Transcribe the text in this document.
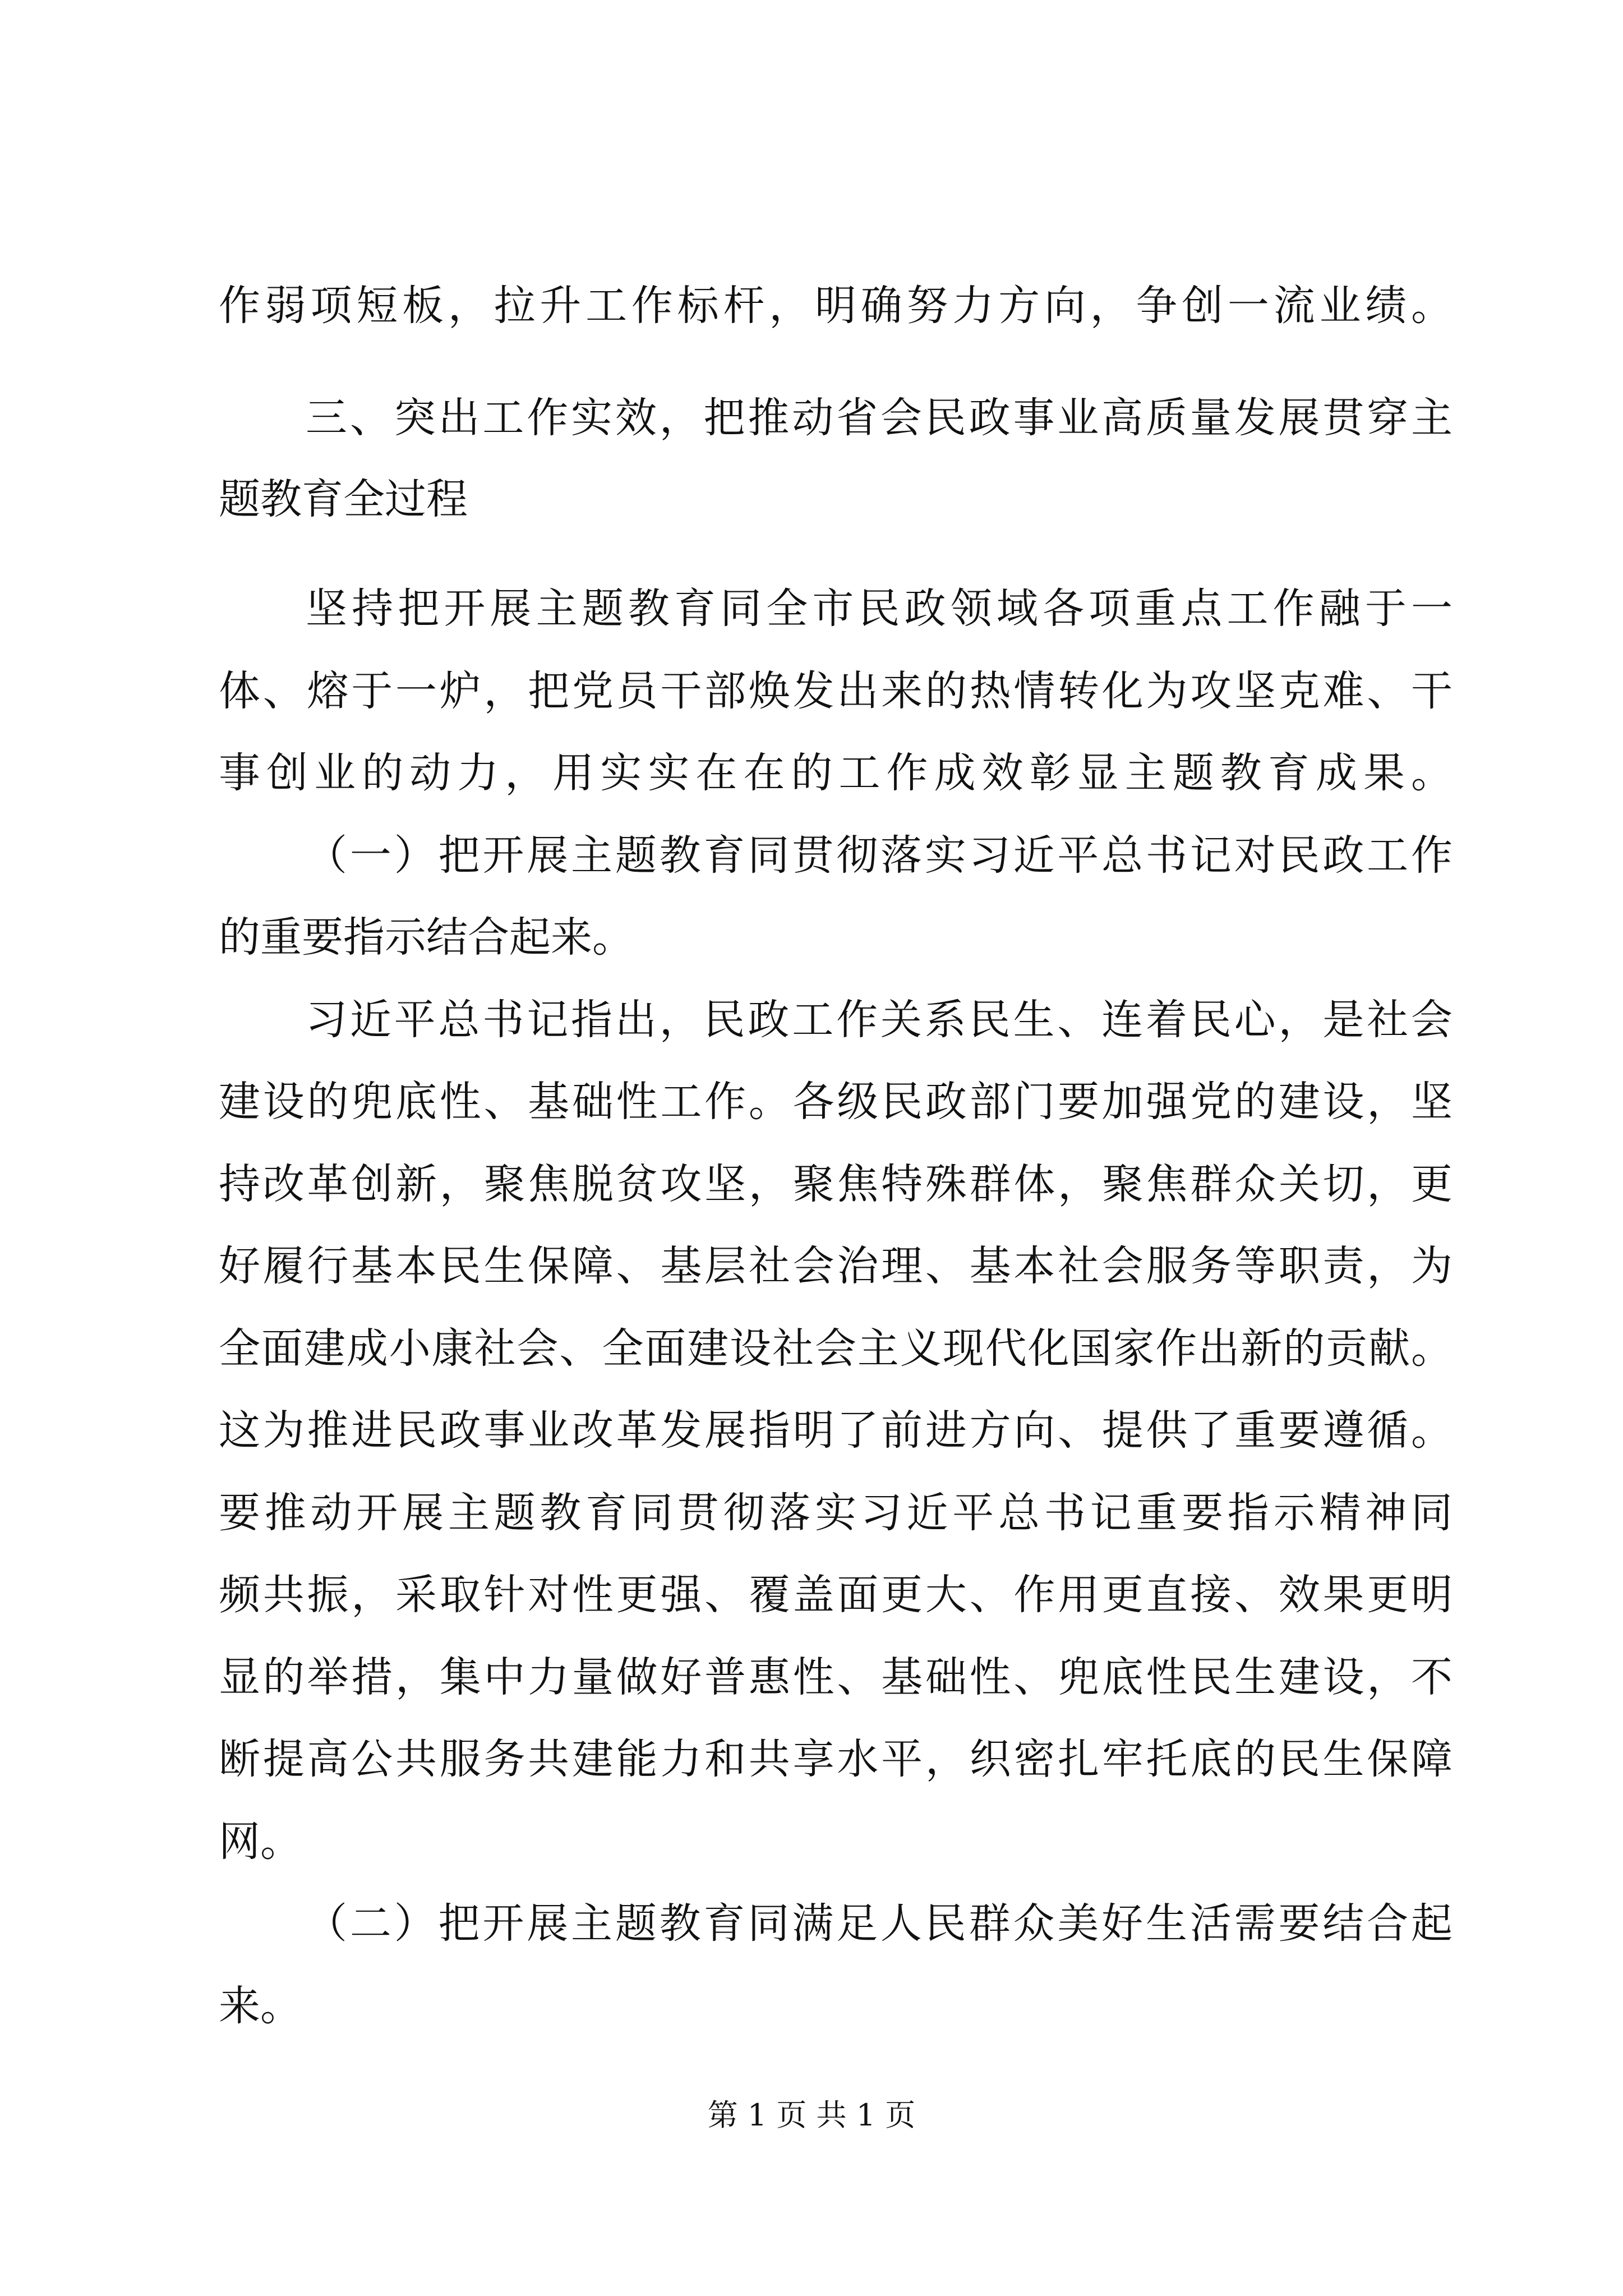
作弱项短板，拉升工作标杆，明确努力方向，争创一流业绩。
三、突出工作实效，把推动省会民政事业高质量发展贯穿主
题教育全过程
坚持把开展主题教育同全市民政领域各项重点工作融于一
体、熔于一炉，把党员干部焕发出来的热情转化为攻坚克难、干
事创业的动力，用实实在在的工作成效彰显主题教育成果。
（一）把开展主题教育同贯彻落实习近平总书记对民政工作
的重要指示结合起来。
习近平总书记指出，民政工作关系民生、连着民心，是社会
建设的兜底性、基础性工作。各级民政部门要加强党的建设，坚
持改革创新，聚焦脱贫攻坚，聚焦特殊群体，聚焦群众关切，更
好履行基本民生保障、基层社会治理、基本社会服务等职责，为
全面建成小康社会、全面建设社会主义现代化国家作出新的贡献。
这为推进民政事业改革发展指明了前进方向、提供了重要遵循。
要推动开展主题教育同贯彻落实习近平总书记重要指示精神同
频共振，采取针对性更强、覆盖面更大、作用更直接、效果更明
显的举措，集中力量做好普惠性、基础性、兜底性民生建设，不
断提高公共服务共建能力和共享水平，织密扎牢托底的民生保障
网。
（二）把开展主题教育同满足人民群众美好生活需要结合起
来。
第 1 页 共 1 页
